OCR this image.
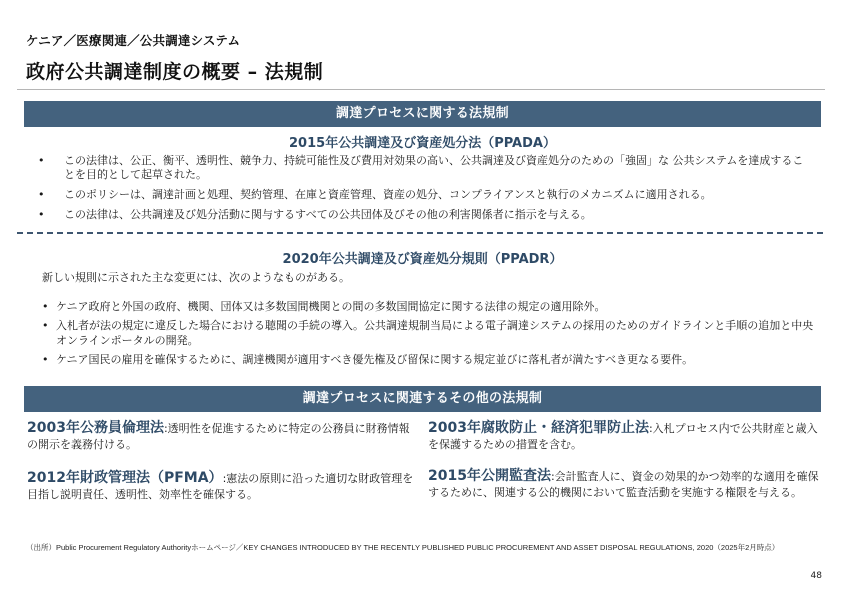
ケニア／医療関連／公共調達システム
政府公共調達制度の概要 – 法規制
調達プロセスに関する法規制
2015年公共調達及び資産処分法（PPADA）
• この法律は、公正、衡平、透明性、競争力、持続可能性及び費用対効果の高い、公共調達及び資産処分のための「強固」な 公共システムを達成することを目的として起草された。
• このポリシーは、調達計画と処理、契約管理、在庫と資産管理、資産の処分、コンプライアンスと執行のメカニズムに適用される。
• この法律は、公共調達及び処分活動に関与するすべての公共団体及びその他の利害関係者に指示を与える。
2020年公共調達及び資産処分規則（PPADR）
新しい規則に示された主な変更には、次のようなものがある。
• ケニア政府と外国の政府、機関、団体又は多数国間機関との間の多数国間協定に関する法律の規定の適用除外。
• 入札者が法の規定に違反した場合における聴聞の手続の導入。公共調達規制当局による電子調達システムの採用のためのガイドラインと手順の追加と中央オンラインポータルの開発。
• ケニア国民の雇用を確保するために、調達機関が適用すべき優先権及び留保に関する規定並びに落札者が満たすべき更なる要件。
調達プロセスに関連するその他の法規制
2003年公務員倫理法:透明性を促進するために特定の公務員に財務情報の開示を義務付ける。
2012年財政管理法（PFMA）:憲法の原則に沿った適切な財政管理を目指し説明責任、透明性、効率性を確保する。
2003年腐敗防止・経済犯罪防止法:入札プロセス内で公共財産と歳入を保護するための措置を含む。
2015年公開監査法:会計監査人に、資金の効果的かつ効率的な適用を確保するために、関連する公的機関において監査活動を実施する権限を与える。
（出所）Public Procurement Regulatory Authorityホームページ／KEY CHANGES INTRODUCED BY THE RECENTLY PUBLISHED PUBLIC PROCUREMENT AND ASSET DISPOSAL REGULATIONS, 2020（2025年2月時点）
48
